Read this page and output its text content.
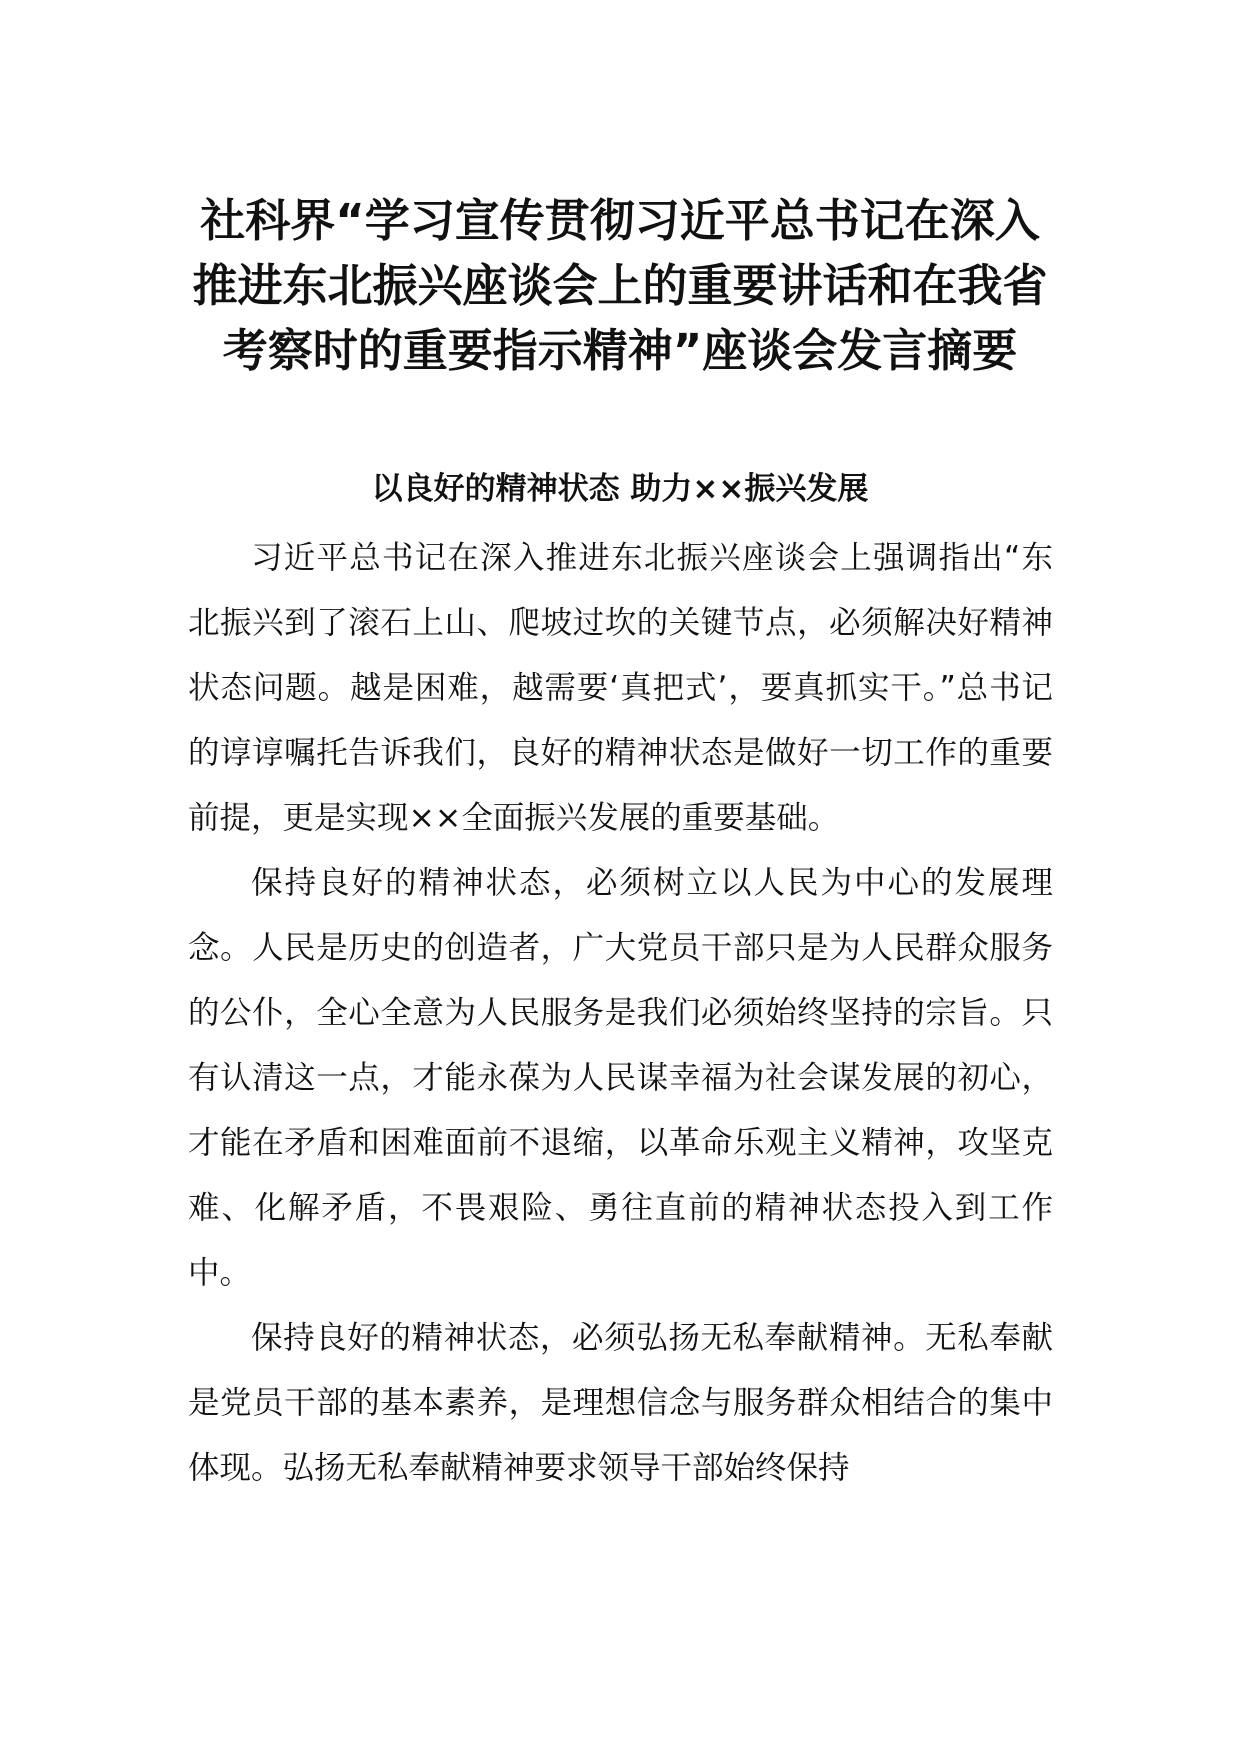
社科界“学习宣传贯彻习近平总书记在深入推进东北振兴座谈会上的重要讲话和在我省考察时的重要指示精神”座谈会发言摘要
以良好的精神状态 助力××振兴发展

习近平总书记在深入推进东北振兴座谈会上强调指出“东北振兴到了滚石上山、爬坡过坎的关键节点，必须解决好精神状态问题。越是困难，越需要‘真把式’，要真抓实干。”总书记的谆谆嘱托告诉我们，良好的精神状态是做好一切工作的重要前提，更是实现××全面振兴发展的重要基础。

保持良好的精神状态，必须树立以人民为中心的发展理念。人民是历史的创造者，广大党员干部只是为人民群众服务的公仆，全心全意为人民服务是我们必须始终坚持的宗旨。只有认清这一点，才能永葆为人民谋幸福为社会谋发展的初心，才能在矛盾和困难面前不退缩，以革命乐观主义精神，攻坚克难、化解矛盾，不畏艰险、勇往直前的精神状态投入到工作中。

保持良好的精神状态，必须弘扬无私奉献精神。无私奉献是党员干部的基本素养，是理想信念与服务群众相结合的集中体现。弘扬无私奉献精神要求领导干部始终保持
